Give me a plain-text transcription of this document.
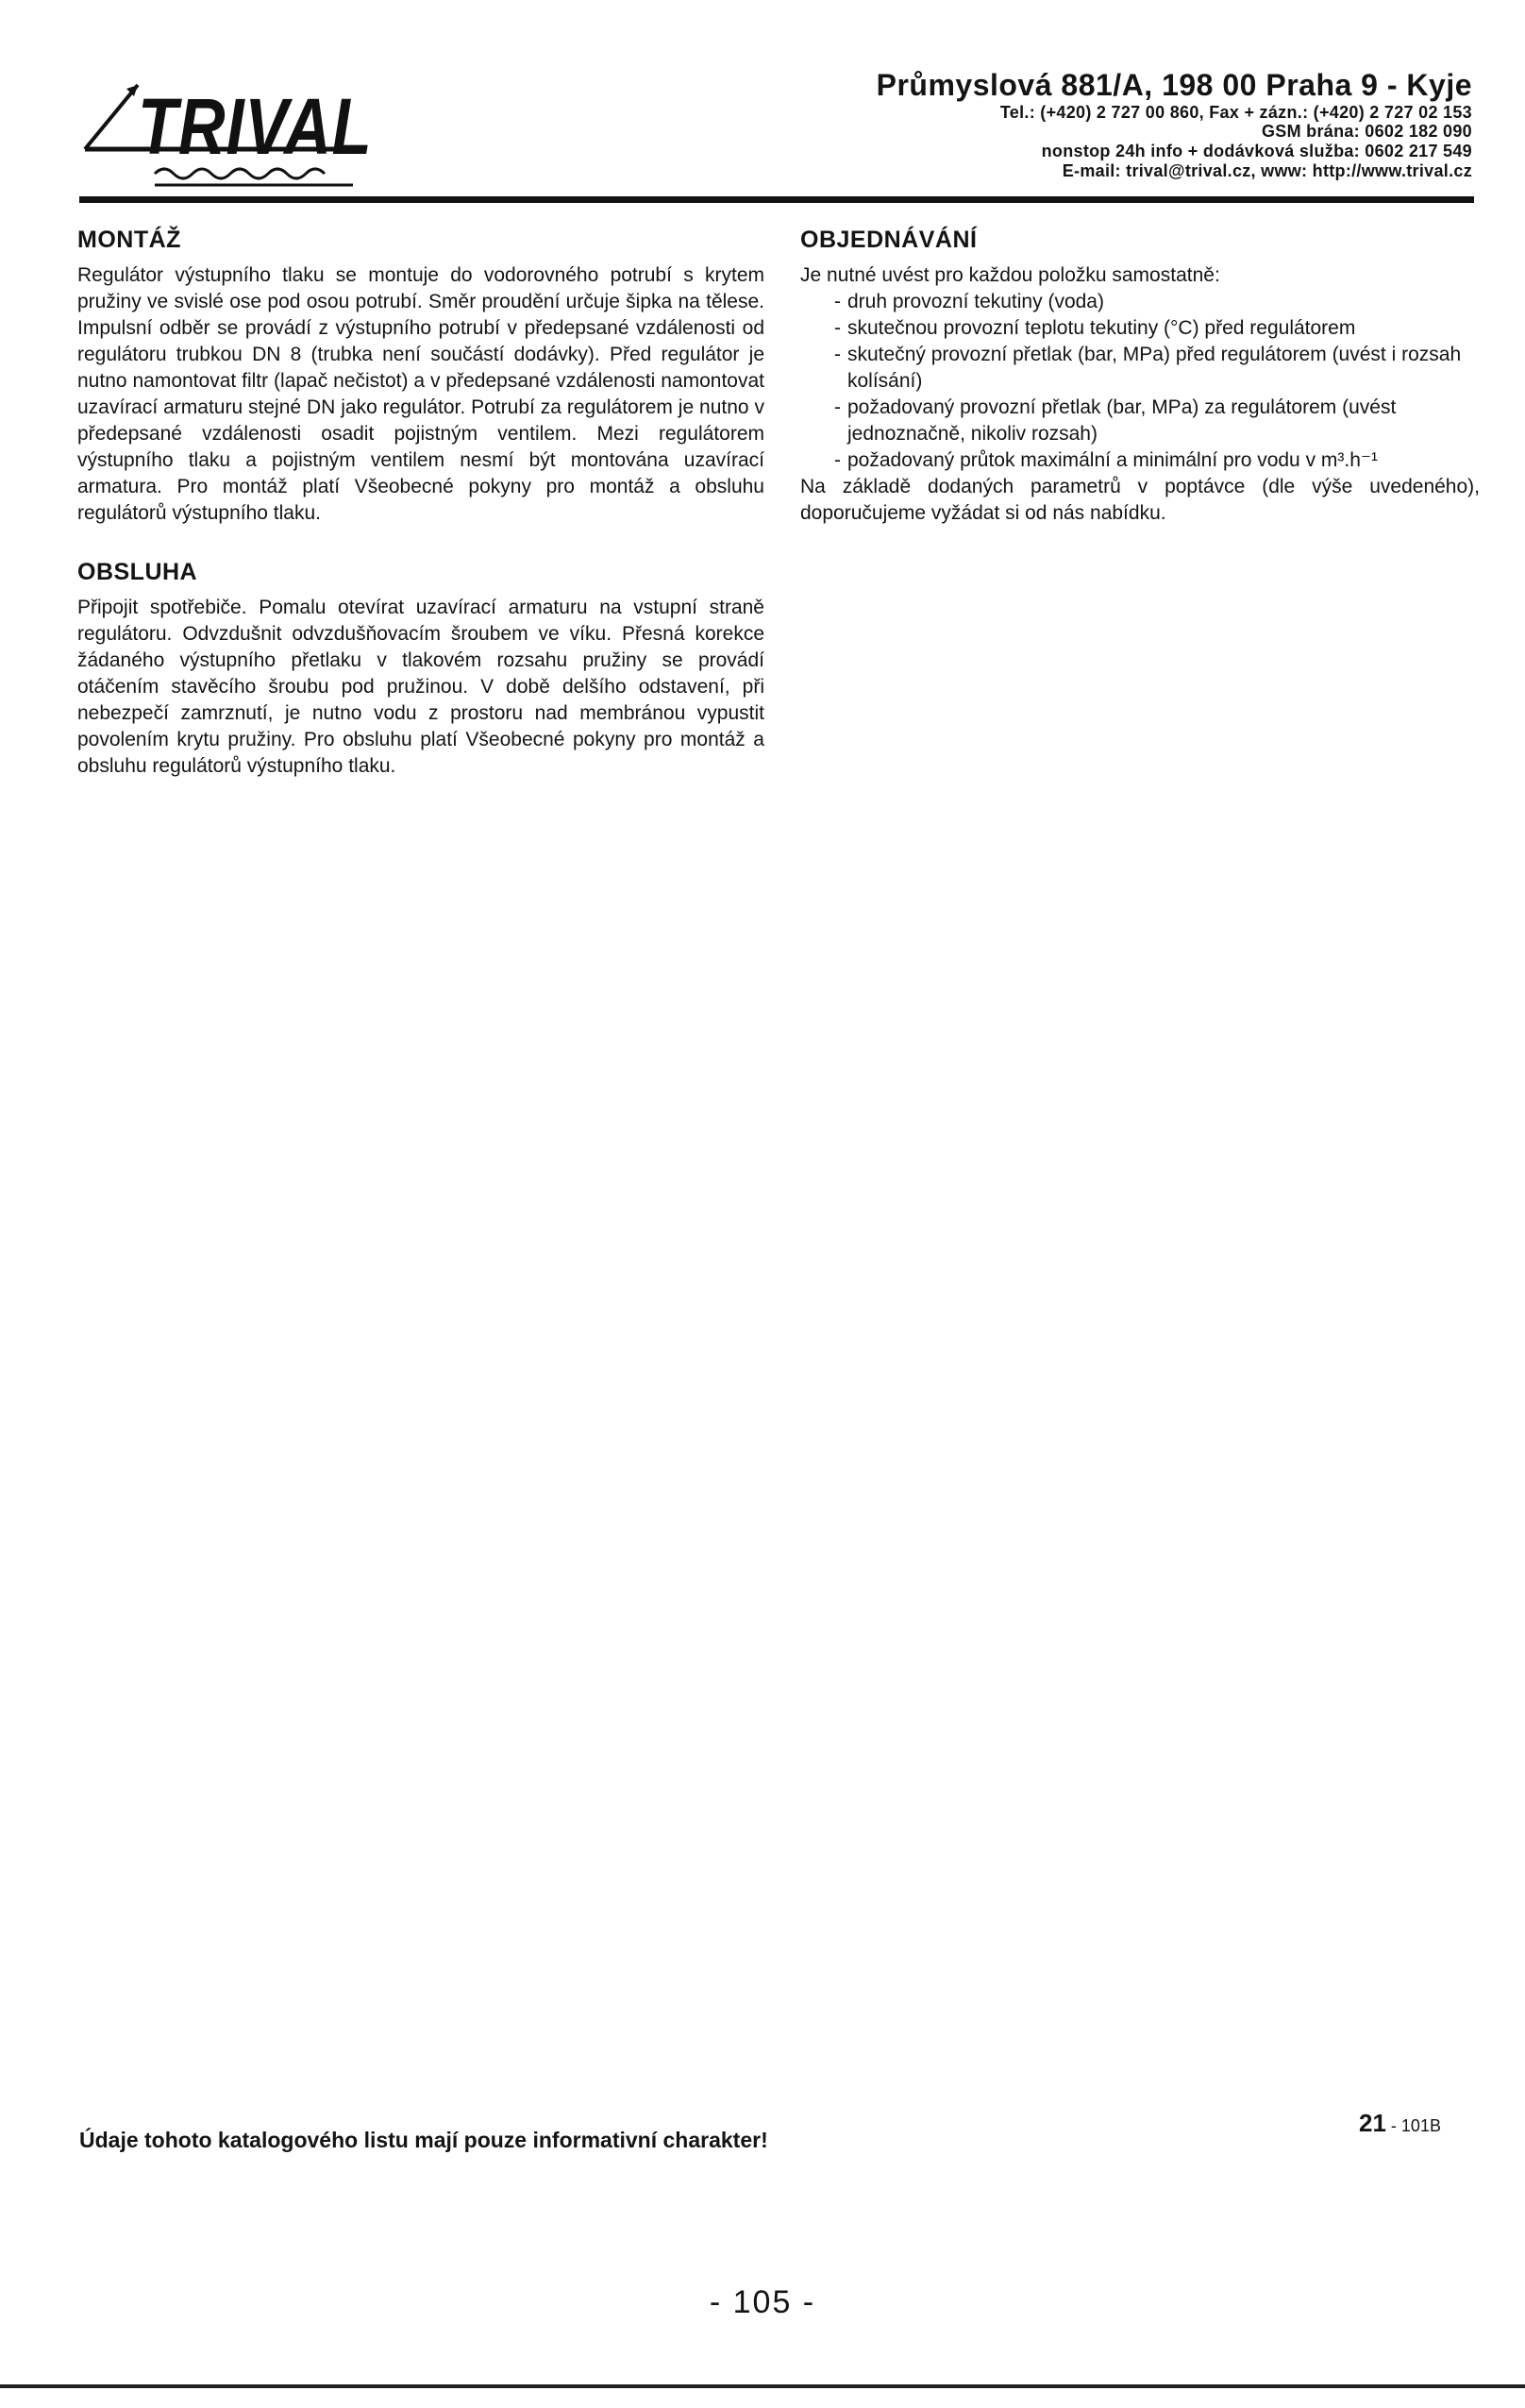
TRIVAL	Průmyslová 881/A, 198 00 Praha 9 - Kyje
Tel.: (+420) 2 727 00 860, Fax + zázn.: (+420) 2 727 02 153
GSM brána: 0602 182 090
nonstop 24h info + dodávková služba: 0602 217 549
E-mail: trival@trival.cz, www: http://www.trival.cz
MONTÁŽ

Regulátor výstupního tlaku se montuje do vodorovného potrubí s krytem pružiny ve svislé ose pod osou potrubí. Směr proudění určuje šipka na tělese. Impulsní odběr se provádí z výstupního potrubí v předepsané vzdálenosti od regulátoru trubkou DN 8 (trubka není součástí dodávky). Před regulátor je nutno namontovat filtr (lapač nečistot) a v předepsané vzdálenosti namontovat uzavírací armaturu stejné DN jako regulátor. Potrubí za regulátorem je nutno v předepsané vzdálenosti osadit pojistným ventilem. Mezi regulátorem výstupního tlaku a pojistným ventilem nesmí být montována uzavírací armatura. Pro montáž platí Všeobecné pokyny pro montáž a obsluhu regulátorů výstupního tlaku.

OBSLUHA

Připojit spotřebiče. Pomalu otevírat uzavírací armaturu na vstupní straně regulátoru. Odvzdušnit odvzdušňovacím šroubem ve víku. Přesná korekce žádaného výstupního přetlaku v tlakovém rozsahu pružiny se provádí otáčením stavěcího šroubu pod pružinou. V době delšího odstavení, při nebezpečí zamrznutí, je nutno vodu z prostoru nad membránou vypustit povolením krytu pružiny. Pro obsluhu platí Všeobecné pokyny pro montáž a obsluhu regulátorů výstupního tlaku.

OBJEDNÁVÁNÍ

Je nutné uvést pro každou položku samostatně:

- druh provozní tekutiny (voda)
- skutečnou provozní teplotu tekutiny (°C) před regulátorem
- skutečný provozní přetlak (bar, MPa) před regulátorem (uvést i rozsah kolísání)
- požadovaný provozní přetlak (bar, MPa) za regulátorem (uvést jednoznačně, nikoliv rozsah)
- požadovaný průtok maximální a minimální pro vodu v m³.h⁻¹

Na základě dodaných parametrů v poptávce (dle výše uvedeného), doporučujeme vyžádat si od nás nabídku.

Údaje tohoto katalogového listu mají pouze informativní charakter!
21 - 101B
- 105 -
